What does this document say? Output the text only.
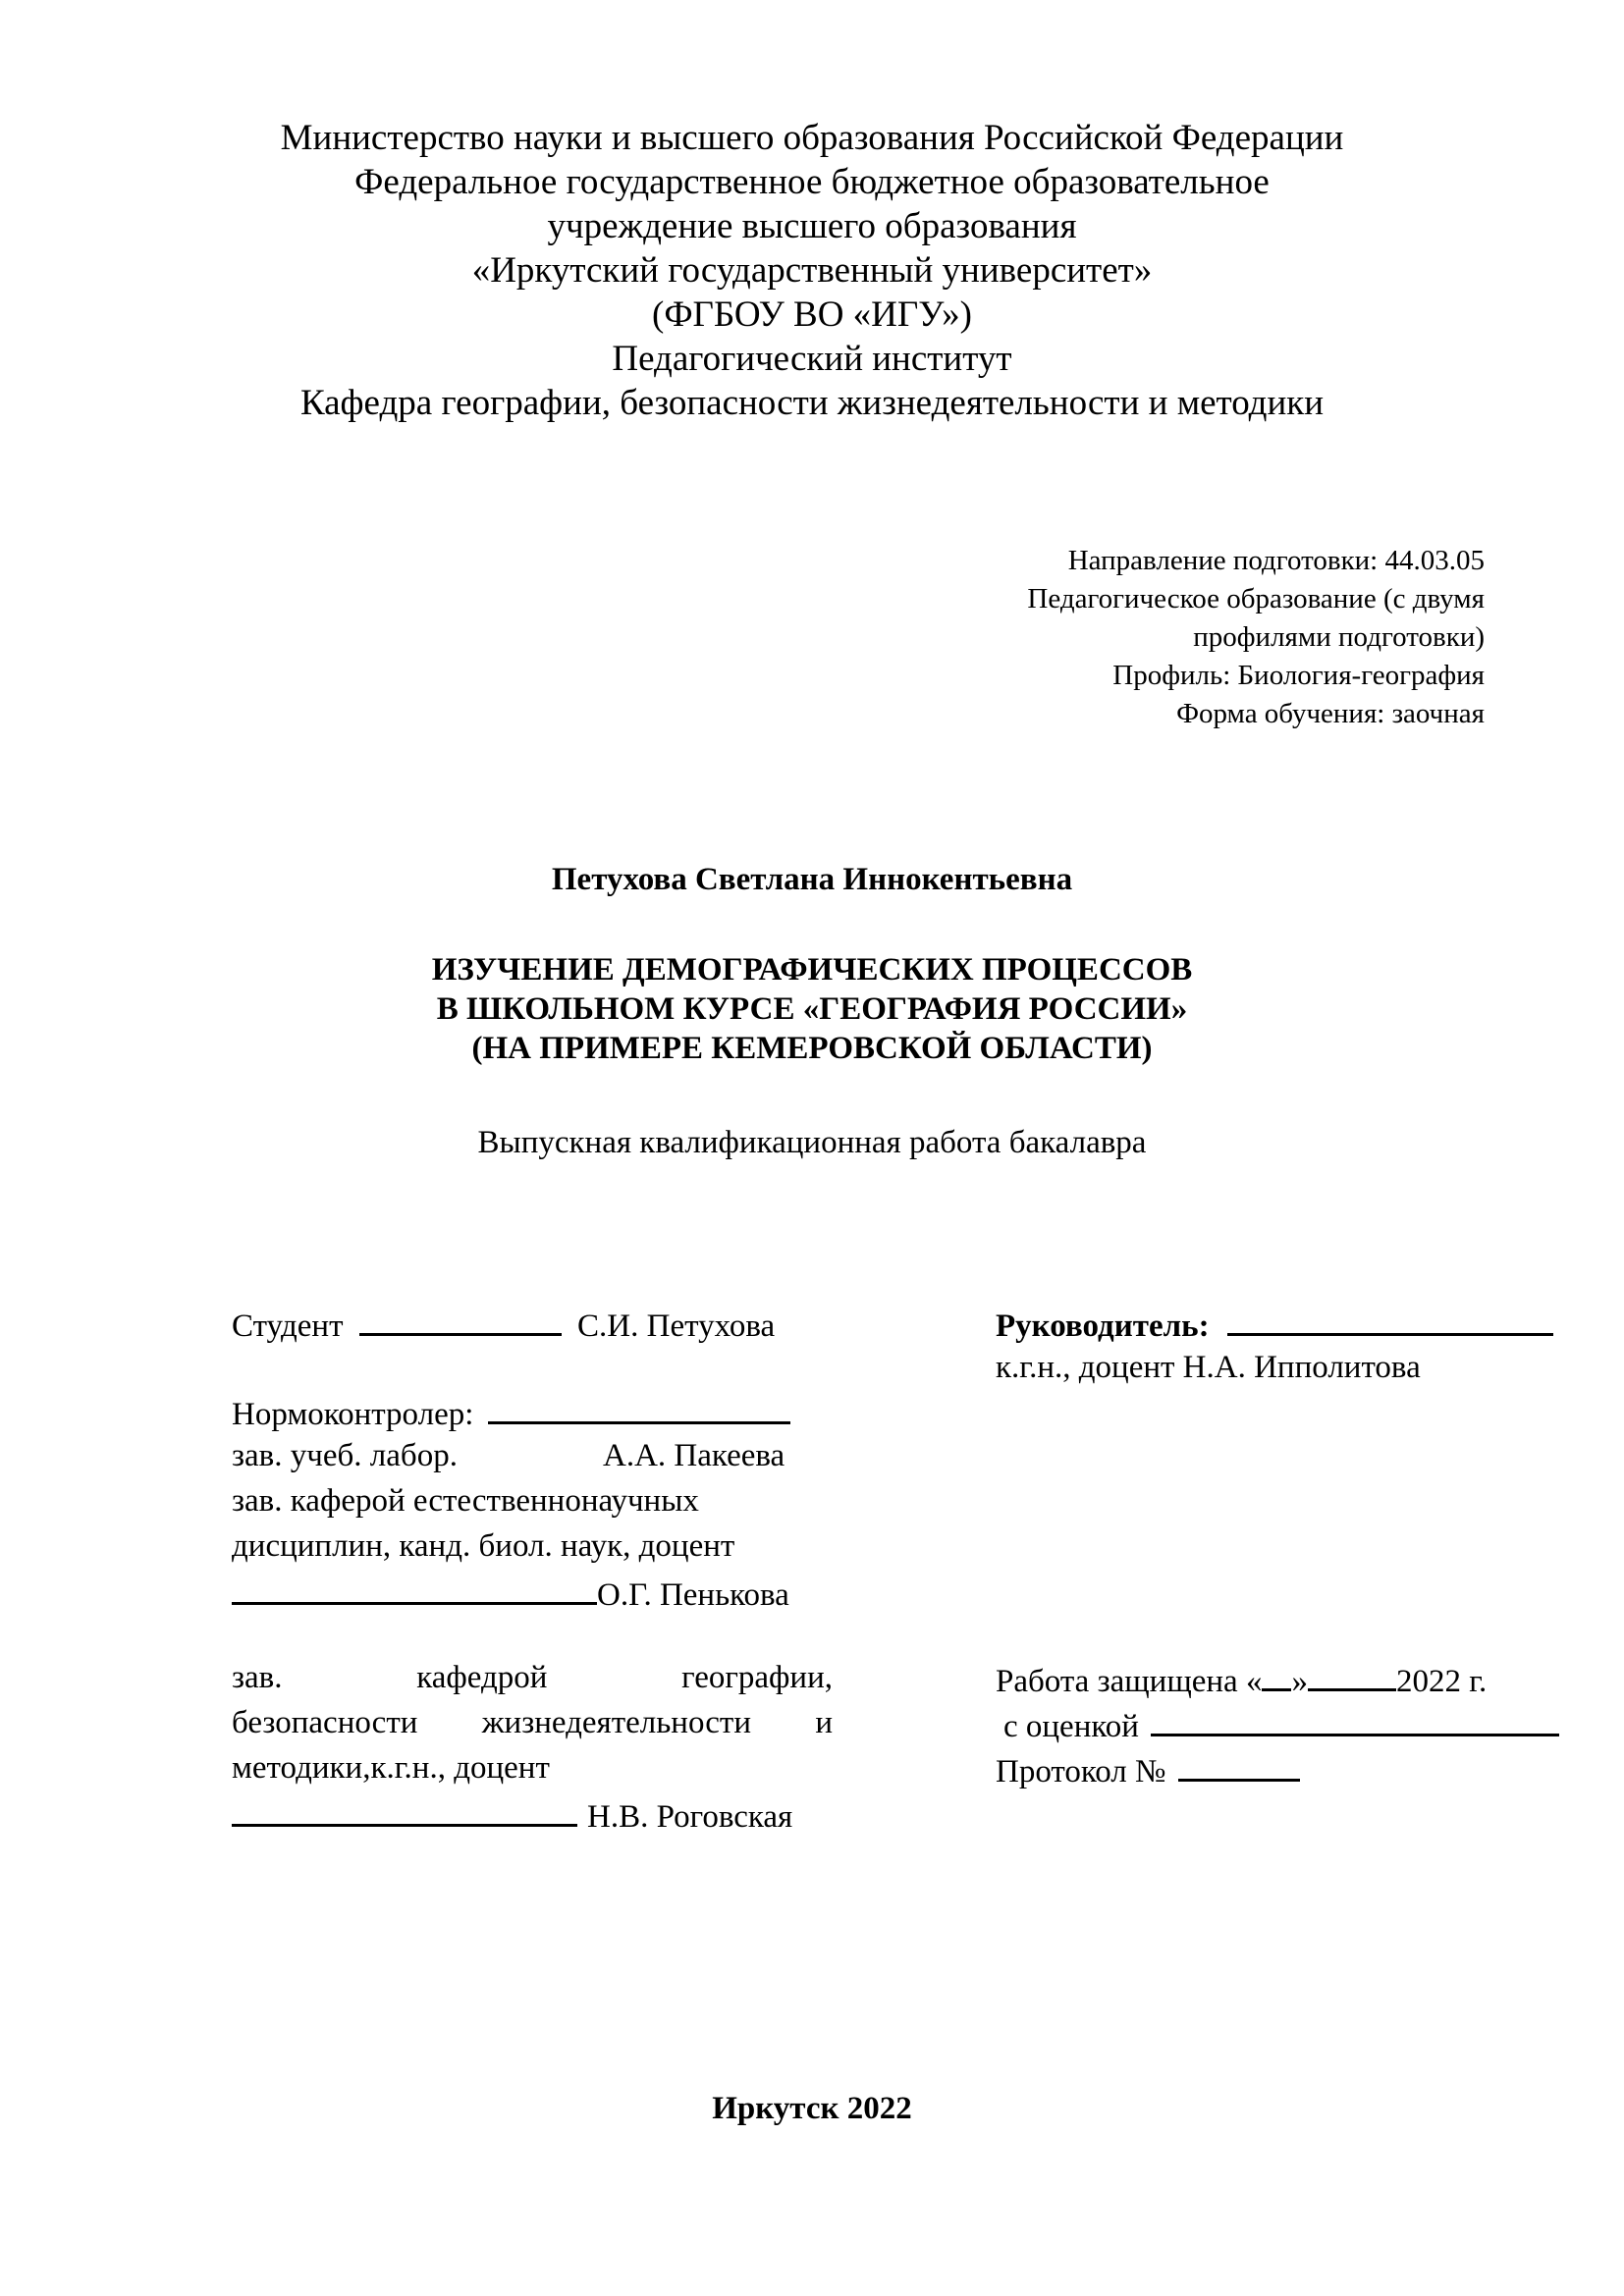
Министерство науки и высшего образования Российской Федерации
Федеральное государственное бюджетное образовательное
учреждение высшего образования
«Иркутский государственный университет»
(ФГБОУ ВО «ИГУ»)
Педагогический институт
Кафедра географии, безопасности жизнедеятельности и методики
Направление подготовки: 44.03.05
Педагогическое образование (с двумя
профилями подготовки)
Профиль: Биология-география
Форма обучения: заочная
Петухова Светлана Иннокентьевна
ИЗУЧЕНИЕ ДЕМОГРАФИЧЕСКИХ ПРОЦЕССОВ
В ШКОЛЬНОМ КУРСЕ «ГЕОГРАФИЯ РОССИИ»
(НА ПРИМЕРЕ КЕМЕРОВСКОЙ ОБЛАСТИ)
Выпускная квалификационная работа бакалавра
Студент	С.И. Петухова
Нормоконтролер:
зав. учеб. лабор.	А.А. Пакеева
зав. каферой естественнонаучных
дисциплин, канд. биол. наук, доцент
О.Г. Пенькова
зав.	кафедрой	географии,
безопасности жизнедеятельности и
методики,к.г.н., доцент
Н.В. Роговская
Руководитель:
к.г.н., доцент Н.А. Ипполитова
Работа защищена « »	2022 г.
с оценкой
Протокол №
Иркутск 2022
